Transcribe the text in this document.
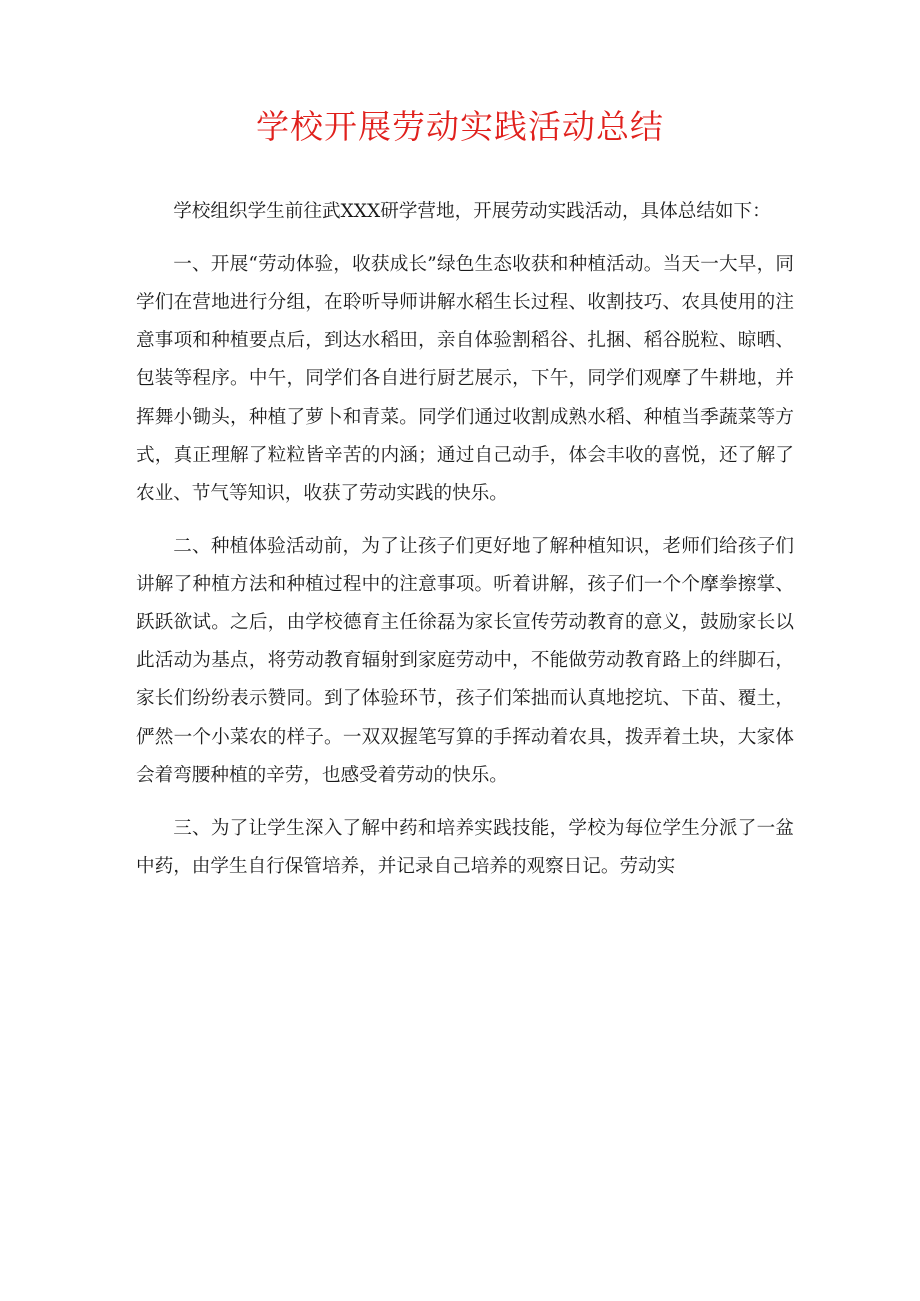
学校开展劳动实践活动总结

学校组织学生前往武XXX研学营地，开展劳动实践活动，具体总结如下：

一、开展“劳动体验，收获成长”绿色生态收获和种植活动。当天一大早，同学们在营地进行分组，在聆听导师讲解水稻生长过程、收割技巧、农具使用的注意事项和种植要点后，到达水稻田，亲自体验割稻谷、扎捆、稻谷脱粒、晾晒、包装等程序。中午，同学们各自进行厨艺展示，下午，同学们观摩了牛耕地，并挥舞小锄头，种植了萝卜和青菜。同学们通过收割成熟水稻、种植当季蔬菜等方式，真正理解了粒粒皆辛苦的内涵；通过自己动手，体会丰收的喜悦，还了解了农业、节气等知识，收获了劳动实践的快乐。

二、种植体验活动前，为了让孩子们更好地了解种植知识，老师们给孩子们讲解了种植方法和种植过程中的注意事项。听着讲解，孩子们一个个摩拳擦掌、跃跃欲试。之后，由学校德育主任徐磊为家长宣传劳动教育的意义，鼓励家长以此活动为基点，将劳动教育辐射到家庭劳动中，不能做劳动教育路上的绊脚石，家长们纷纷表示赞同。到了体验环节，孩子们笨拙而认真地挖坑、下苗、覆土，俨然一个小菜农的样子。一双双握笔写算的手挥动着农具，拨弄着土块，大家体会着弯腰种植的辛劳，也感受着劳动的快乐。

三、为了让学生深入了解中药和培养实践技能，学校为每位学生分派了一盆中药，由学生自行保管培养，并记录自己培养的观察日记。劳动实
